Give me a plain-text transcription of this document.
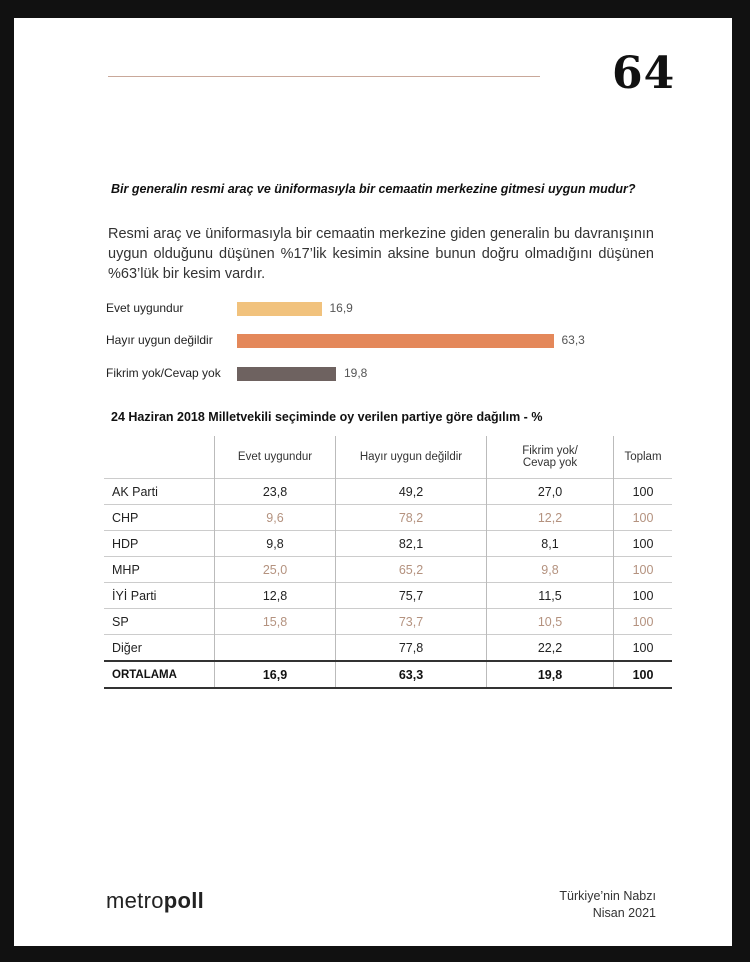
64
Bir generalin resmi araç ve üniformasıyla bir cemaatin merkezine gitmesi uygun mudur?
Resmi araç ve üniformasıyla bir cemaatin merkezine giden generalin bu davranışının uygun olduğunu düşünen %17’lik kesimin aksine bunun doğru olmadığını düşünen %63’lük bir kesim vardır.
Evet uygundur	16,9
Hayır uygun değildir	63,3
Fikrim yok/Cevap yok	19,8
24 Haziran 2018 Milletvekili seçiminde oy verilen partiye göre dağılım - %
	Evet uygundur	Hayır uygun değildir	Fikrim yok/
Cevap yok	Toplam
AK Parti	23,8	49,2	27,0	100
CHP	9,6	78,2	12,2	100
HDP	9,8	82,1	8,1	100
MHP	25,0	65,2	9,8	100
İYİ Parti	12,8	75,7	11,5	100
SP	15,8	73,7	10,5	100
Diğer		77,8	22,2	100
ORTALAMA	16,9	63,3	19,8	100
metropoll	Türkiye’nin Nabzı
Nisan 2021
